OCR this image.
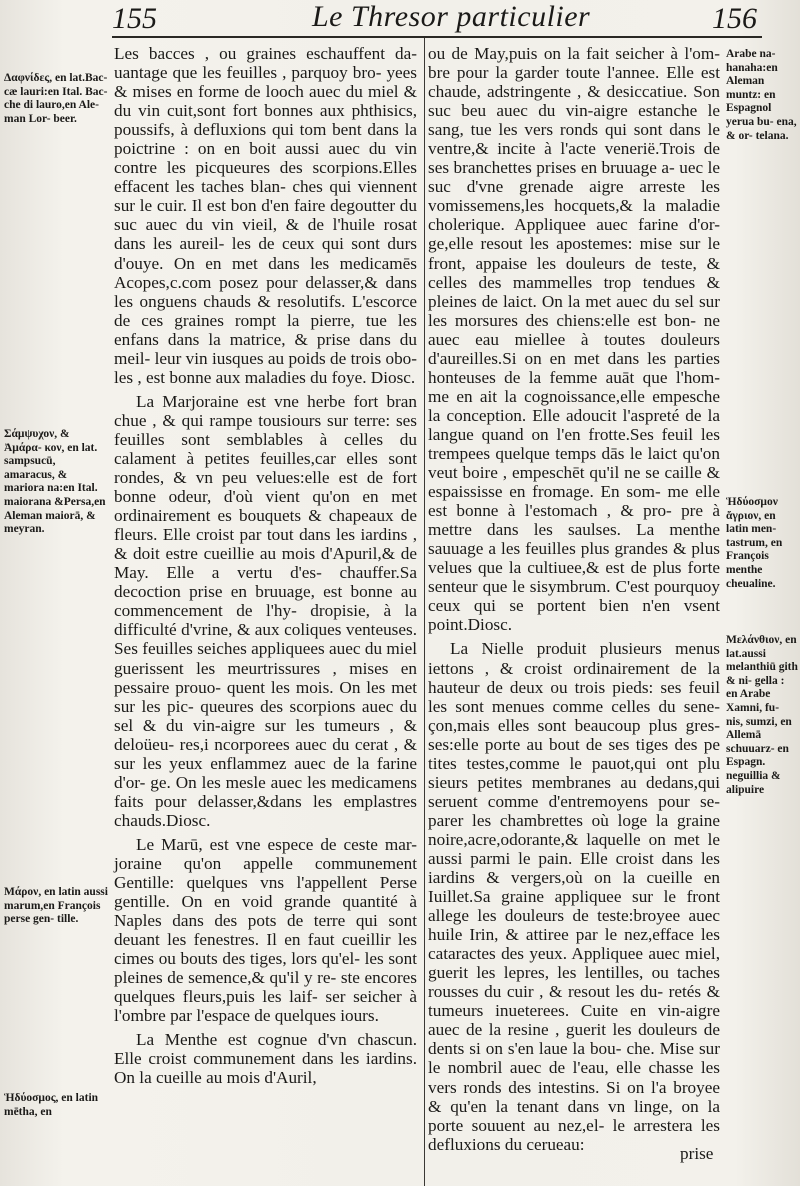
155	Le Thresor particulier	156
Δαφνίδες, en lat.Bac- cæ lauri:en Ital. Bac- che di lauro,en Ale- man Lor- beer.
Σάμψυχον, & Ἀμάρα- κον, en lat. sampsucū, amaracus, & mariora na:en Ital. maiorana &Persa,en Aleman maiorā, & meyran.
Μάρον, en latin aussi marum,en François perse gen- tille.
Ἡδύοσμος, en latin mētha, en

Les bacces , ou graines eschauffent da- uantage que les feuilles , parquoy bro- yees & mises en forme de looch auec du miel & du vin cuit,sont fort bonnes aux phthisics, poussifs, à defluxions qui tom bent dans la poictrine : on en boit aussi auec du vin contre les picqueures des scorpions.Elles effacent les taches blan- ches qui viennent sur le cuir. Il est bon d'en faire degoutter du suc auec du vin vieil, & de l'huile rosat dans les aureil- les de ceux qui sont durs d'ouye. On en met dans les medicamēs Acopes,c.com posez pour delasser,& dans les onguens chauds & resolutifs. L'escorce de ces graines rompt la pierre, tue les enfans dans la matrice, & prise dans du meil- leur vin iusques au poids de trois obo- les , est bonne aux maladies du foye. Diosc.

La Marjoraine est vne herbe fort bran chue , & qui rampe tousiours sur terre: ses feuilles sont semblables à celles du calament à petites feuilles,car elles sont rondes, & vn peu velues:elle est de fort bonne odeur, d'où vient qu'on en met ordinairement es bouquets & chapeaux de fleurs. Elle croist par tout dans les iardins , & doit estre cueillie au mois d'Apuril,& de May. Elle a vertu d'es- chauffer.Sa decoction prise en bruuage, est bonne au commencement de l'hy- dropisie, à la difficulté d'vrine, & aux coliques venteuses. Ses feuilles seiches appliquees auec du miel guerissent les meurtrissures , mises en pessaire prouo- quent les mois. On les met sur les pic- queures des scorpions auec du sel & du vin-aigre sur les tumeurs , & deloüeu- res,i ncorporees auec du cerat , & sur les yeux enflammez auec de la farine d'or- ge. On les mesle auec les medicamens faits pour delasser,&dans les emplastres chauds.Diosc.

Le Marū, est vne espece de ceste mar- joraine qu'on appelle communement Gentille: quelques vns l'appellent Perse gentille. On en void grande quantité à Naples dans des pots de terre qui sont deuant les fenestres. Il en faut cueillir les cimes ou bouts des tiges, lors qu'el- les sont pleines de semence,& qu'il y re- ste encores quelques fleurs,puis les laif- ser seicher à l'ombre par l'espace de quelques iours.

La Menthe est cognue d'vn chascun. Elle croist communement dans les iardins. On la cueille au mois d'Auril,

ou de May,puis on la fait seicher à l'om- bre pour la garder toute l'annee. Elle est chaude, adstringente , & desiccatiue. Son suc beu auec du vin-aigre estanche le sang, tue les vers ronds qui sont dans le ventre,& incite à l'acte venerië.Trois de ses branchettes prises en bruuage a- uec le suc d'vne grenade aigre arreste les vomissemens,les hocquets,& la maladie cholerique. Appliquee auec farine d'or- ge,elle resout les apostemes: mise sur le front, appaise les douleurs de teste, & celles des mammelles trop tendues & pleines de laict. On la met auec du sel sur les morsures des chiens:elle est bon- ne auec eau miellee à toutes douleurs d'aureilles.Si on en met dans les parties honteuses de la femme auāt que l'hom- me en ait la cognoissance,elle empesche la conception. Elle adoucit l'aspreté de la langue quand on l'en frotte.Ses feuil les trempees quelque temps dās le laict qu'on veut boire , empeschēt qu'il ne se caille & espaississe en fromage. En som- me elle est bonne à l'estomach , & pro- pre à mettre dans les saulses. La menthe sauuage a les feuilles plus grandes & plus velues que la cultiuee,& est de plus forte senteur que le sisymbrum. C'est pourquoy ceux qui se portent bien n'en vsent point.Diosc.

La Nielle produit plusieurs menus iettons , & croist ordinairement de la hauteur de deux ou trois pieds: ses feuil les sont menues comme celles du sene- çon,mais elles sont beaucoup plus gres- ses:elle porte au bout de ses tiges des pe tites testes,comme le pauot,qui ont plu sieurs petites membranes au dedans,qui seruent comme d'entremoyens pour se- parer les chambrettes où loge la graine noire,acre,odorante,& laquelle on met le aussi parmi le pain. Elle croist dans les iardins & vergers,où on la cueille en Iuillet.Sa graine appliquee sur le front allege les douleurs de teste:broyee auec huile Irin, & attiree par le nez,efface les cataractes des yeux. Appliquee auec miel, guerit les lepres, les lentilles, ou taches rousses du cuir , & resout les du- retés & tumeurs inueterees. Cuite en vin-aigre auec de la resine , guerit les douleurs de dents si on s'en laue la bou- che. Mise sur le nombril auec de l'eau, elle chasse les vers ronds des intestins. Si on l'a broyee & qu'en la tenant dans vn linge, on la porte souuent au nez,el- le arrestera les defluxions du cerueau:

Arabe na- hanaha:en Aleman muntz: en Espagnol yerua bu- ena, & or- telana.
Ἡδύοσμον ἄγριον, en latin men- tastrum, en François menthe cheualine.
Μελάνθιον, en lat.aussi melanthiū gith & ni- gella : en Arabe Xamni, fu- nis, sumzi, en Allemā schuuarz- en Espagn. neguillia & alipuire
prise
